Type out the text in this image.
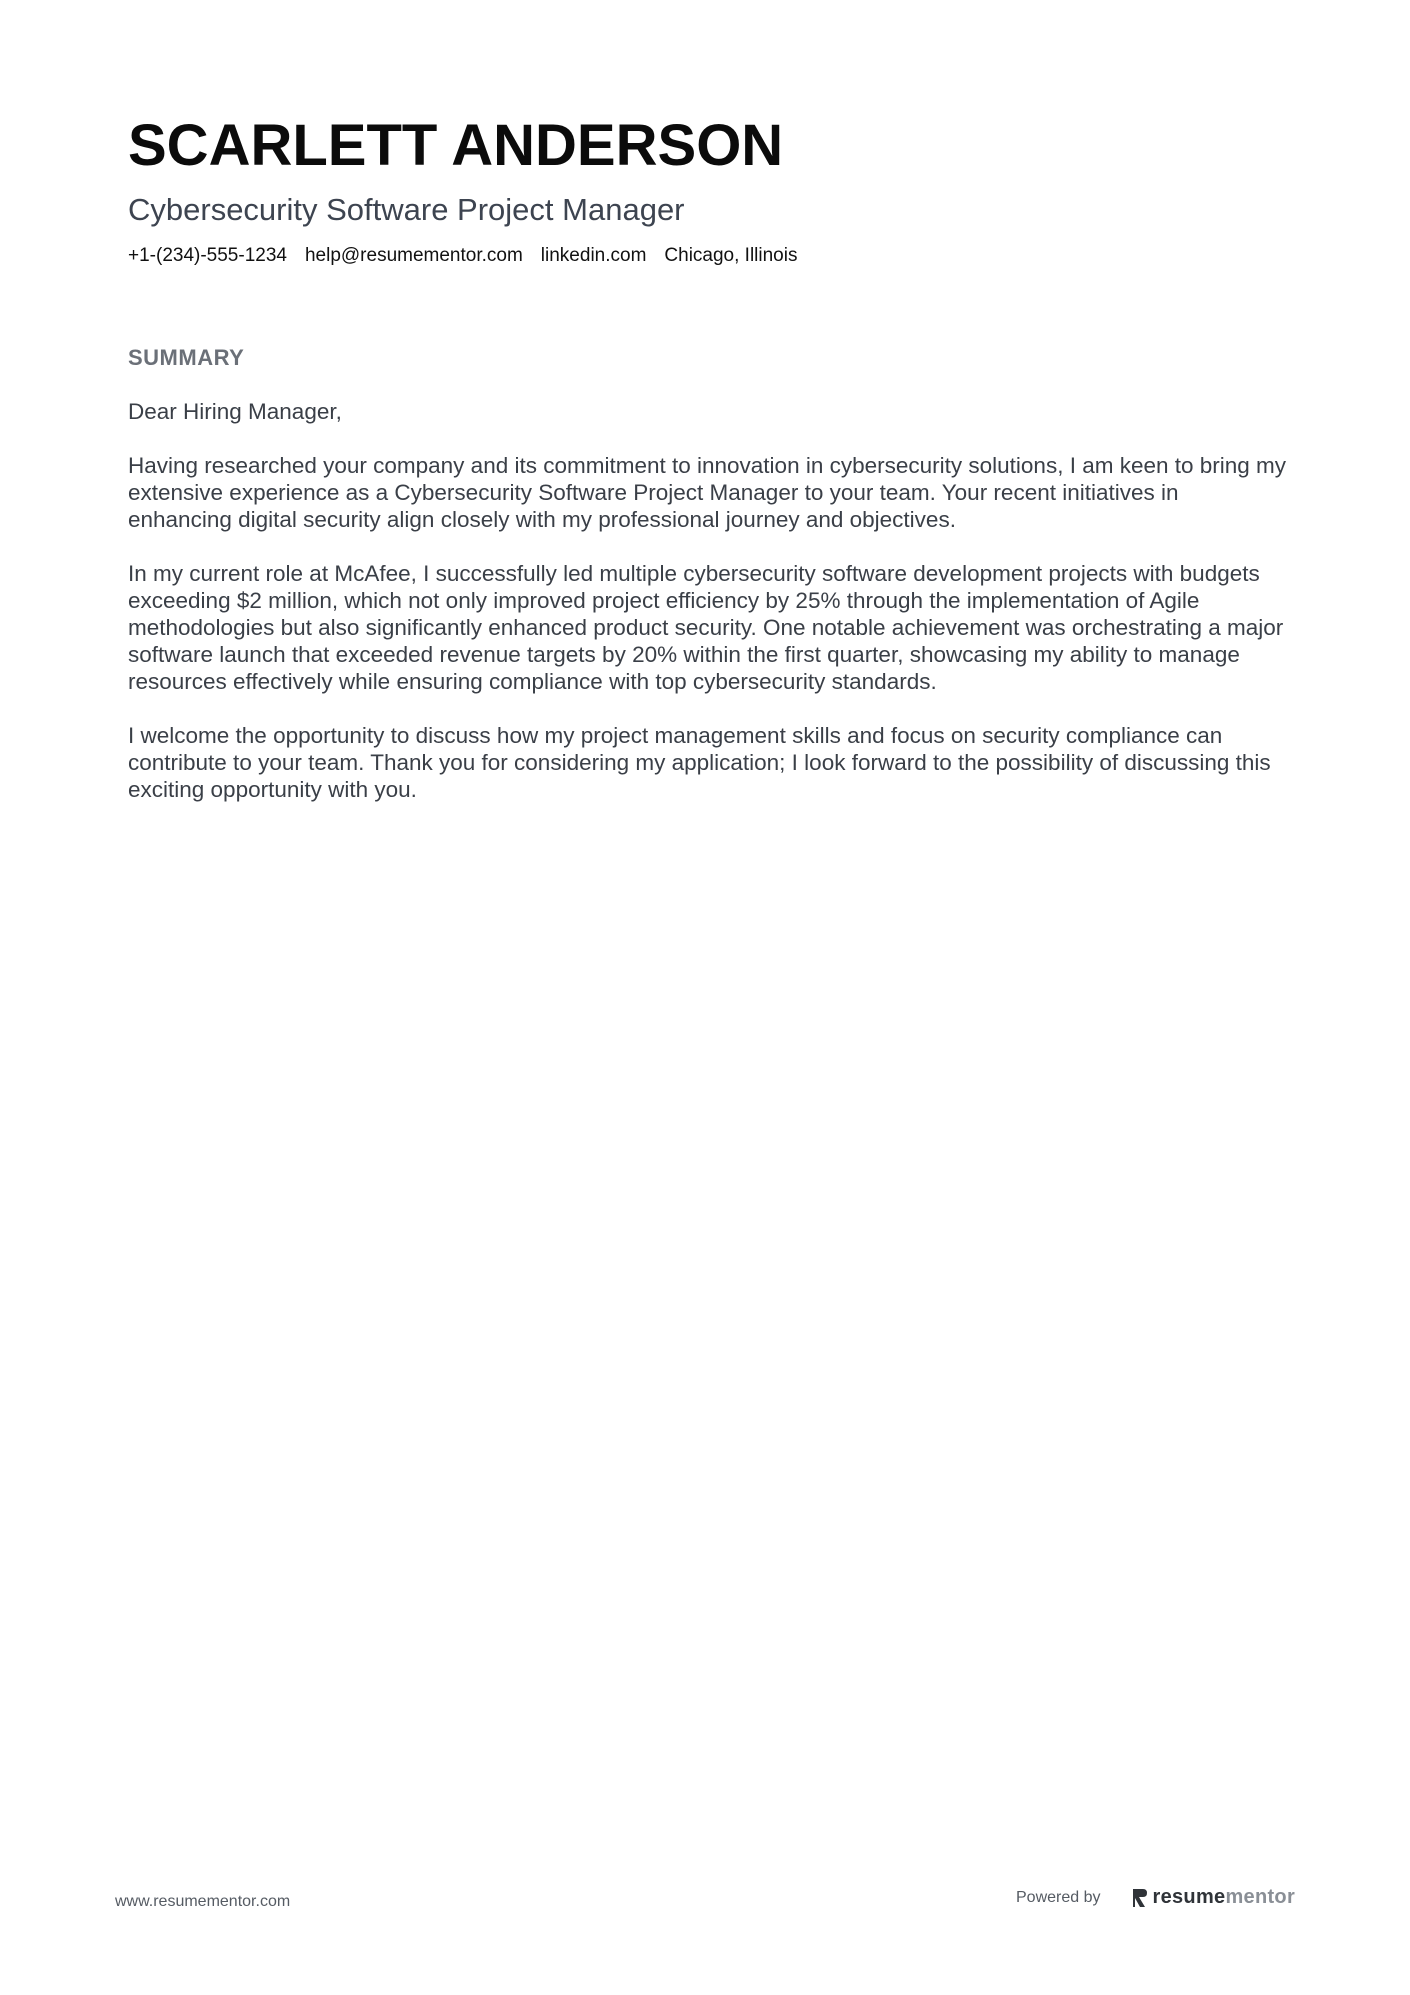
SCARLETT ANDERSON
Cybersecurity Software Project Manager
+1-(234)-555-1234 help@resumementor.com linkedin.com Chicago, Illinois
SUMMARY

Dear Hiring Manager,

Having researched your company and its commitment to innovation in cybersecurity solutions, I am keen to bring my extensive experience as a Cybersecurity Software Project Manager to your team. Your recent initiatives in enhancing digital security align closely with my professional journey and objectives.

In my current role at McAfee, I successfully led multiple cybersecurity software development projects with budgets exceeding $2 million, which not only improved project efficiency by 25% through the implementation of Agile methodologies but also significantly enhanced product security. One notable achievement was orchestrating a major software launch that exceeded revenue targets by 20% within the first quarter, showcasing my ability to manage resources effectively while ensuring compliance with top cybersecurity standards.

I welcome the opportunity to discuss how my project management skills and focus on security compliance can contribute to your team. Thank you for considering my application; I look forward to the possibility of discussing this exciting opportunity with you.

www.resumementor.com	Powered by	resume mentor
